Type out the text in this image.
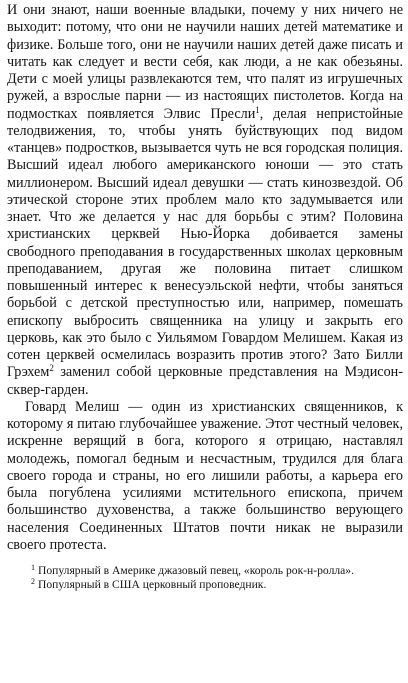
И они знают, наши военные владыки, почему у них ничего не выходит: потому, что они не научили наших детей математике и физике. Больше того, они не научили наших детей даже писать и читать как следует и вести себя, как люди, а не как обезьяны. Дети с моей улицы развлекаются тем, что палят из игрушечных ружей, а взрослые парни — из настоящих пистолетов. Когда на подмостках появляется Элвис Пресли$^1$, делая непристойные телодвижения, то, чтобы унять буйствующих под видом «танцев» подростков, вызывается чуть не вся городская полиция. Высший идеал любого американского юноши — это стать миллионером. Высший идеал девушки — стать кинозвездой. Об этической стороне этих проблем мало кто задумывается или знает. Что же делается у нас для борьбы с этим? Половина христианских церквей Нью-Йорка добивается замены свободного преподавания в государственных школах церковным преподаванием, другая же половина питает слишком повышенный интерес к венесуэльской нефти, чтобы заняться борьбой с детской преступностью или, например, помешать епископу выбросить священника на улицу и закрыть его церковь, как это было с Уильямом Говардом Мелишем. Какая из сотен церквей осмелилась возразить против этого? Зато Билли Грэхем$^2$ заменил собой церковные представления на Мэдисон-сквер-гарден.

Говард Мелиш — один из христианских священников, к которому я питаю глубочайшее уважение. Этот честный человек, искренне верящий в бога, которого я отрицаю, наставлял молодежь, помогал бедным и несчастным, трудился для блага своего города и страны, но его лишили работы, а карьера его была погублена усилиями мстительного епископа, причем большинство духовенства, а также большинство верующего населения Соединенных Штатов почти никак не выразили своего протеста.

$^1$ Популярный в Америке джазовый певец, «король рок-н-ролла».

$^2$ Популярный в США церковный проповедник.
